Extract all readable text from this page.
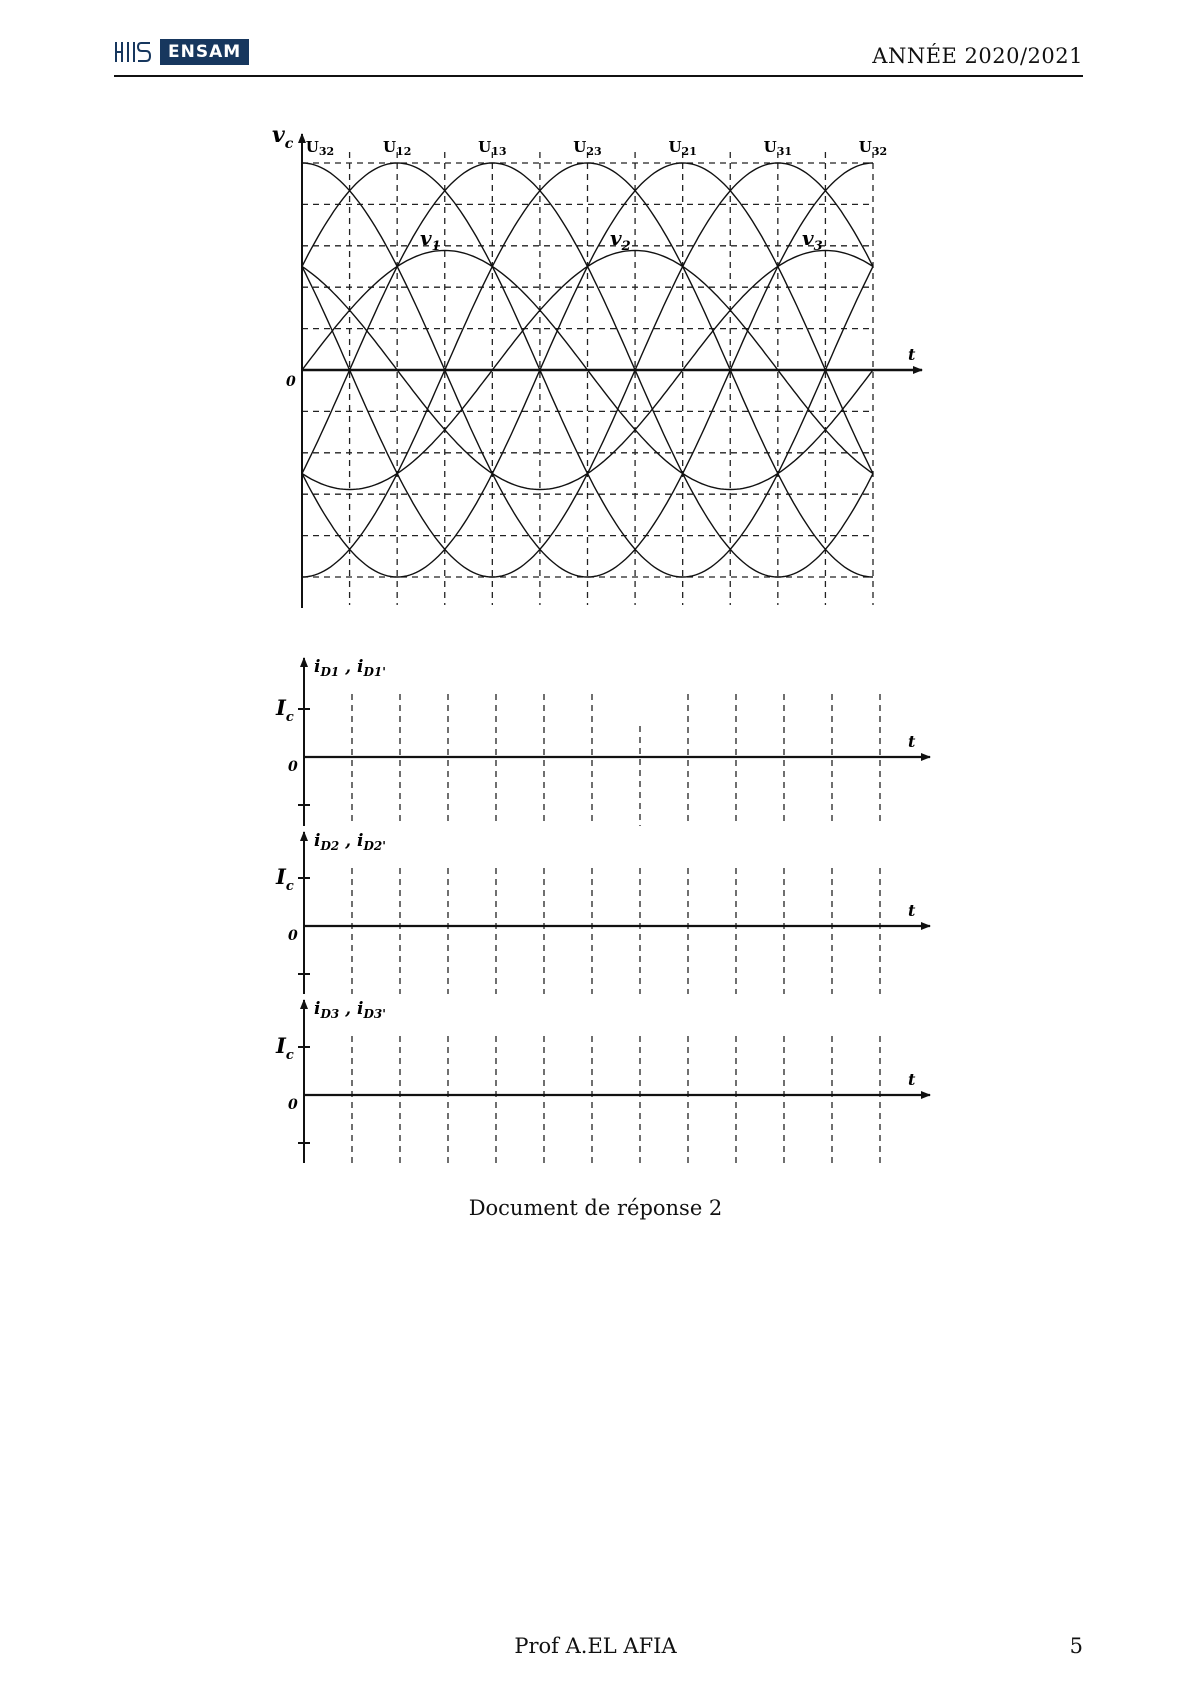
ENSAM	ANNÉE 2020/2021
$v_c$
t
0
$U_{32}$	$U_{12}$	$U_{13}$	$U_{23}$	$U_{21}$	$U_{31}$	$U_{32}$
$v_1$	$v_2$	$v_3$
$i_{D1}$ , $i_{D1'}$
$I_c$
0
t
$i_{D2}$ , $i_{D2'}$
$I_c$
0
t
$i_{D3}$ , $i_{D3'}$
$I_c$
0
t
Document de réponse 2
Prof A.EL AFIA	5
